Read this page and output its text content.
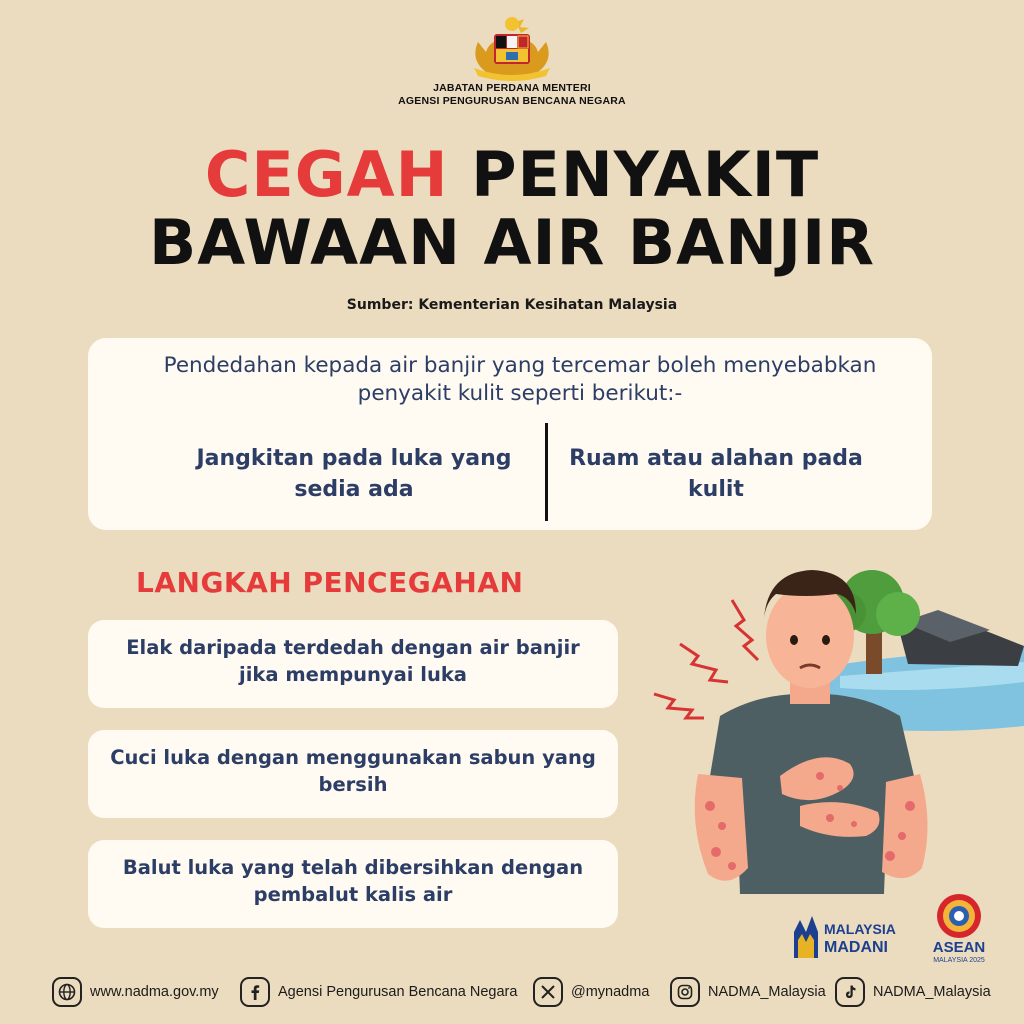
JABATAN PERDANA MENTERI
AGENSI PENGURUSAN BENCANA NEGARA
CEGAH PENYAKIT
BAWAAN AIR BANJIR
Sumber: Kementerian Kesihatan Malaysia
Pendedahan kepada air banjir yang tercemar boleh menyebabkan penyakit kulit seperti berikut:-
Jangkitan pada luka yang sedia ada
Ruam atau alahan pada kulit
LANGKAH PENCEGAHAN
Elak daripada terdedah dengan air banjir jika mempunyai luka
Cuci luka dengan menggunakan sabun yang bersih
Balut luka yang telah dibersihkan dengan pembalut kalis air
MALAYSIA
MADANI	ASEAN
MALAYSIA 2025
www.nadma.gov.my	Agensi Pengurusan Bencana Negara	@mynadma	NADMA_Malaysia	NADMA_Malaysia
